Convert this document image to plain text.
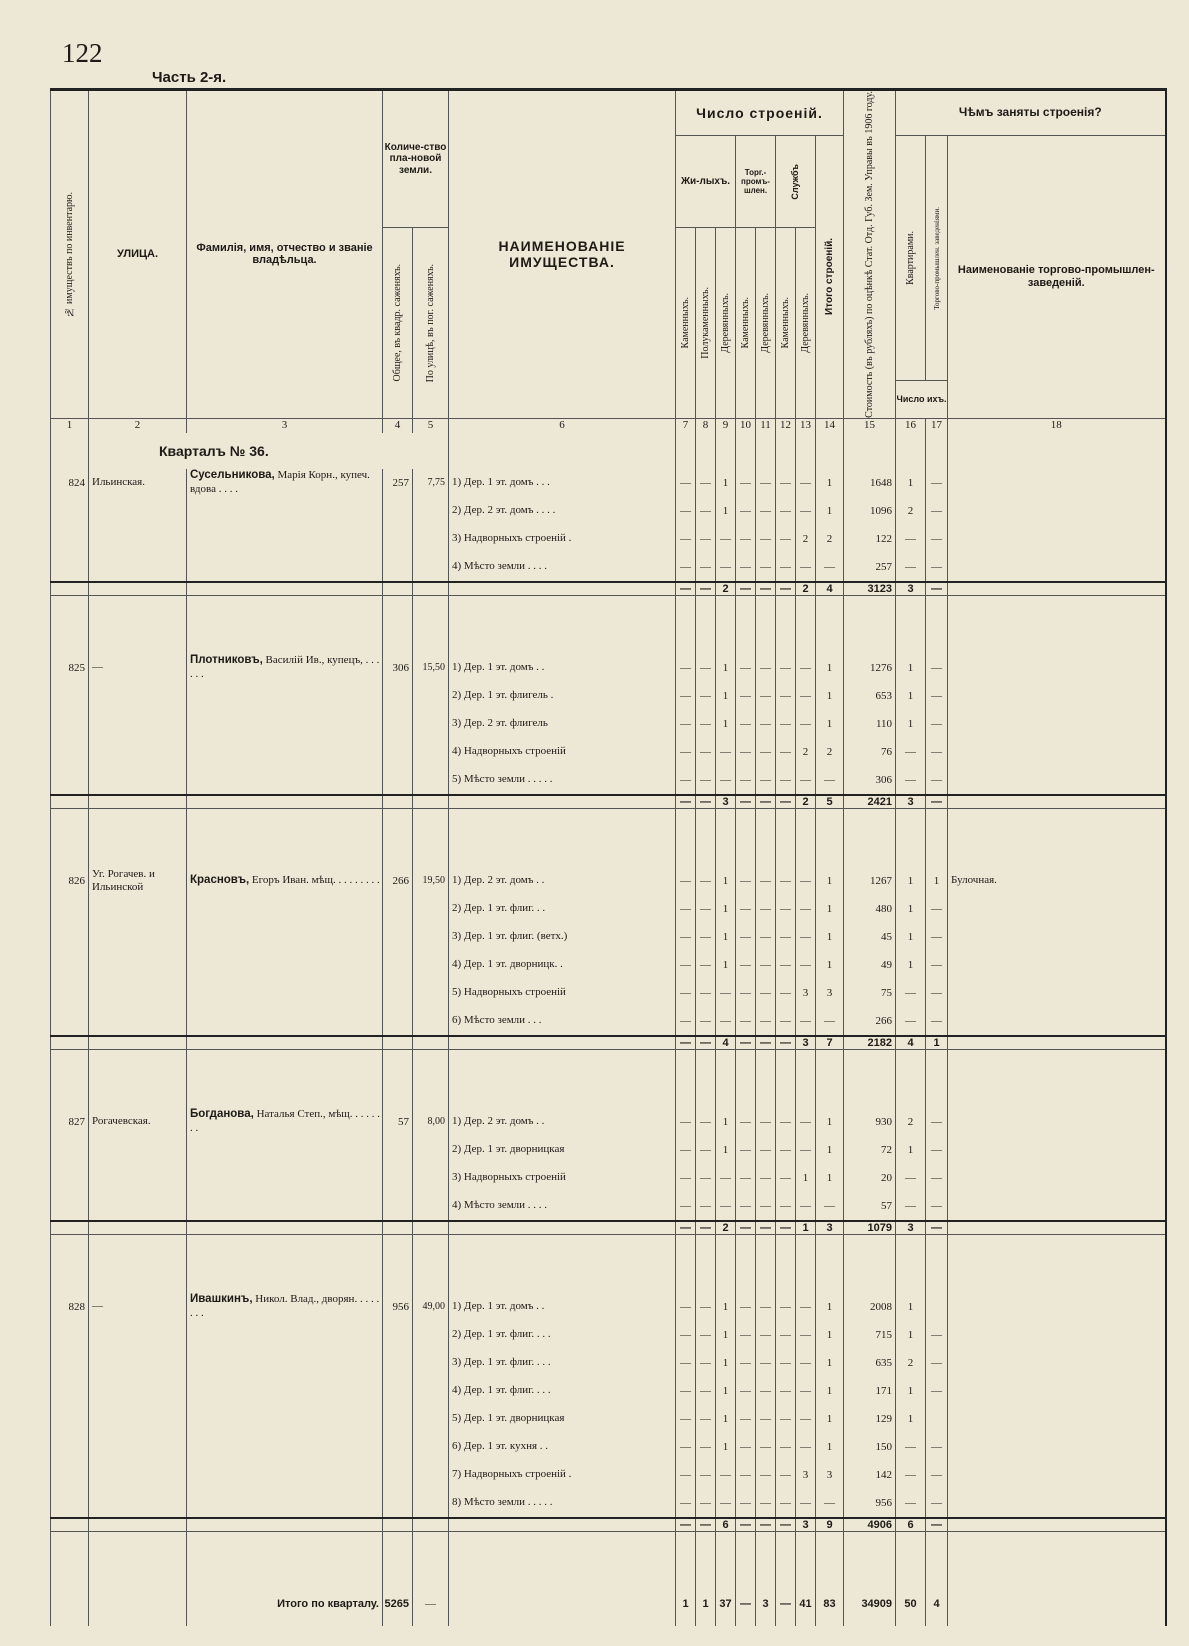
122
Часть 2-я.
№ имуществъ по инвентарю.	УЛИЦА.	Фамилія, имя, отчество и званіе владѣльца.	Количе-ство пла-новой земли.		НАИМЕНОВАНІЕ ИМУЩЕСТВА.	Число строеній.								Стоимость (въ рубляхъ) по оцѣнкѣ Стат. Отд. Губ. Зем. Управы въ 1906 году.	Чѣмъ заняты строенія?		
						Жи-лыхъ.			Торг.-промъ-шлен.		Службъ		Итого строеній.		Квартирами.	Торгово-промышлен. заведеніями.	Наименованіе торгово-промышлен-заведеній.

			Общее, въ квадр. саженяхъ.	По улицѣ, въ пог. саженяхъ.		Каменныхъ.	Полукаменныхъ.	Деревянныхъ.	Каменныхъ.	Деревянныхъ.	Каменныхъ.	Деревянныхъ.					

															Число ихъ.		
1	2	3	4	5	6	7	8	9	10	11	12	13	14	15	16	17	18
	Кварталъ № 36.																
824	Ильинская.	Сусельникова, Марія Корн., купеч. вдова . . . .	257	7,75	1) Дер. 1 эт. домъ . . .	—	—	1	—	—	—	—	1	1648	1	—	
					2) Дер. 2 эт. домъ . . . .	—	—	1	—	—	—	—	1	1096	2	—	
					3) Надворныхъ строеній .	—	—	—	—	—	—	2	2	122	—	—	
					4) Мѣсто земли . . . .	—	—	—	—	—	—	—	—	257	—	—	
						—	—	2	—	—	—	2	4	3123	3	—	

825	—	Плотниковъ, Василій Ив., купецъ, . . . . . .	306	15,50	1) Дер. 1 эт. домъ . .	—	—	1	—	—	—	—	1	1276	1	—	
					2) Дер. 1 эт. флигель .	—	—	1	—	—	—	—	1	653	1	—	
					3) Дер. 2 эт. флигель	—	—	1	—	—	—	—	1	110	1	—	
					4) Надворныхъ строеній	—	—	—	—	—	—	2	2	76	—	—	
					5) Мѣсто земли . . . . .	—	—	—	—	—	—	—	—	306	—	—	
						—	—	3	—	—	—	2	5	2421	3	—	

826	Уг. Рогачев. и Ильинской	Красновъ, Егоръ Иван. мѣщ. . . . . . . . .	266	19,50	1) Дер. 2 эт. домъ . .	—	—	1	—	—	—	—	1	1267	1	1	Булочная.
					2) Дер. 1 эт. флиг. . .	—	—	1	—	—	—	—	1	480	1	—	
					3) Дер. 1 эт. флиг. (ветх.)	—	—	1	—	—	—	—	1	45	1	—	
					4) Дер. 1 эт. дворницк. .	—	—	1	—	—	—	—	1	49	1	—	
					5) Надворныхъ строеній	—	—	—	—	—	—	3	3	75	—	—	
					6) Мѣсто земли . . .	—	—	—	—	—	—	—	—	266	—	—	
						—	—	4	—	—	—	3	7	2182	4	1	

827	Рогачевская.	Богданова, Наталья Степ., мѣщ. . . . . . . .	57	8,00	1) Дер. 2 эт. домъ . .	—	—	1	—	—	—	—	1	930	2	—	
					2) Дер. 1 эт. дворницкая	—	—	1	—	—	—	—	1	72	1	—	
					3) Надворныхъ строеній	—	—	—	—	—	—	1	1	20	—	—	
					4) Мѣсто земли . . . .	—	—	—	—	—	—	—	—	57	—	—	
						—	—	2	—	—	—	1	3	1079	3	—	

828	—	Ивашкинъ, Никол. Влад., дворян. . . . . . . .	956	49,00	1) Дер. 1 эт. домъ . .	—	—	1	—	—	—	—	1	2008	1		
					2) Дер. 1 эт. флиг. . . .	—	—	1	—	—	—	—	1	715	1	—	
					3) Дер. 1 эт. флиг. . . .	—	—	1	—	—	—	—	1	635	2	—	
					4) Дер. 1 эт. флиг. . . .	—	—	1	—	—	—	—	1	171	1	—	
					5) Дер. 1 эт. дворницкая	—	—	1	—	—	—	—	1	129	1		
					6) Дер. 1 эт. кухня . .	—	—	1	—	—	—	—	1	150	—	—	
					7) Надворныхъ строеній .	—	—	—	—	—	—	3	3	142	—	—	
					8) Мѣсто земли . . . . .	—	—	—	—	—	—	—	—	956	—	—	
						—	—	6	—	—	—	3	9	4906	6	—	

		Итого по кварталу.	5265	—		1	1	37	—	3	—	41	83	34909	50	4	
